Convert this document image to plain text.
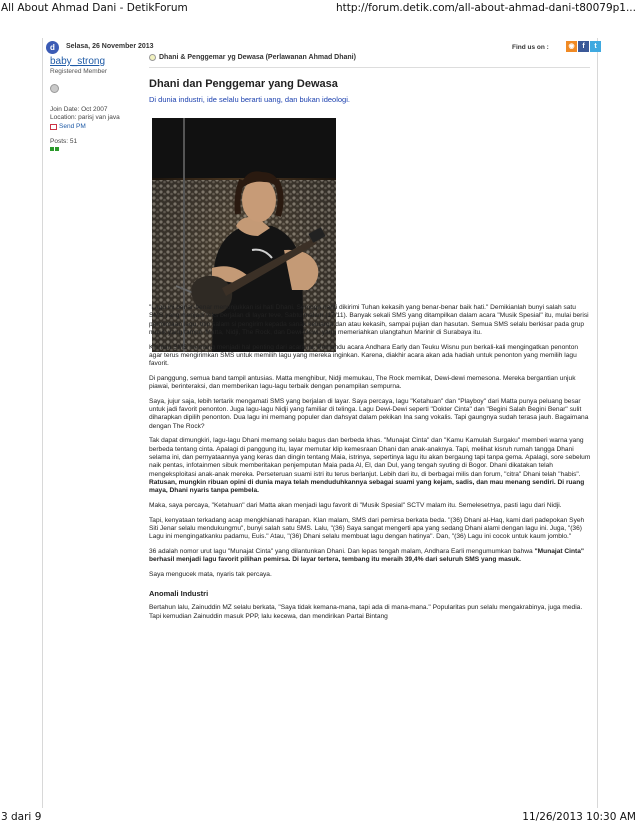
All About Ahmad Dani - DetikForum	http://forum.detik.com/all-about-ahmad-dani-t80079p1...
d	Selasa, 26 November 2013	Find us on :	◉	f	t
baby_strong
Registered Member
Join Date: Oct 2007
Location: parisj van java
Send PM
Posts: 51
Dhani & Penggemar yg Dewasa (Perlawanan Ahmad Dhani)
Dhani dan Penggemar yang Dewasa
Di dunia industri, ide selalu berarti uang, dan bukan ideologi.

"Lagu ini benar-benar menunjukkan isi hati Dhani. Semoga nanti dikirimi Tuhan kekasih yang benar-benar baik hati." Demikianlah bunyi salah satu SMS yang menjadi teks berjalan di layar teve, Sabtu malam (17/11). Banyak sekali SMS yang ditampilkan dalam acara "Musik Spesial" itu, mulai berisi permintaan lagu, titip salam si pengirim kepada sanak keluarga dan atau kekasih, sampai pujian dan hasutan. Semua SMS selalu berkisar pada grup musik yang tampil, Matta, Nidji, The Rock, dan Dewi-Dewi, yang memeriahkan ulangtahun Marinir di Surabaya itu.

Kiriman SMS memang menjadi hal penting dari acara ini. Pemandu acara Andhara Early dan Teuku Wisnu pun berkali-kali mengingatkan penonton agar terus mengirimkan SMS untuk memilih lagu yang mereka inginkan. Karena, diakhir acara akan ada hadiah untuk penonton yang memilih lagu favorit.

Di panggung, semua band tampil antusias. Matta menghibur, Nidji memukau, The Rock memikat, Dewi-dewi memesona. Mereka bergantian unjuk piawai, berinteraksi, dan memberikan lagu-lagu terbaik dengan penampilan sempurna.

Saya, jujur saja, lebih tertarik mengamati SMS yang berjalan di layar. Saya percaya, lagu "Ketahuan" dan "Playboy" dari Matta punya peluang besar untuk jadi favorit penonton. Juga lagu-lagu Nidji yang familiar di telinga. Lagu Dewi-Dewi seperti "Dokter Cinta" dan "Begini Salah Begini Benar" sulit diharapkan dipilih penonton. Dua lagu ini memang populer dan dahsyat dalam pekikan Ina sang vokalis. Tapi gaungnya sudah terasa jauh. Bagaimana dengan The Rock?

Tak dapat dimungkiri, lagu-lagu Dhani memang selalu bagus dan berbeda khas. "Munajat Cinta" dan "Kamu Kamulah Surgaku" memberi warna yang berbeda tentang cinta. Apalagi di panggung itu, layar memutar klip kemesraan Dhani dan anak-anaknya. Tapi, melihat kisruh rumah tangga Dhani selama ini, dan pernyataannya yang keras dan dingin tentang Maia, istrinya, sepertinya lagu itu akan bergaung tapi tanpa gema. Apalagi, sore sebelum naik pentas, infotainmen sibuk memberitakan penjemputan Maia pada Al, El, dan Dul, yang tengah syuting di Bogor. Dhani dikatakan telah mengeksploitasi anak-anak mereka. Perseteruan suami istri itu terus berlanjut. Lebih dari itu, di berbagai milis dan forum, "citra" Dhani telah "habis". Ratusan, mungkin ribuan opini di dunia maya telah menduduhkannya sebagai suami yang kejam, sadis, dan mau menang sendiri. Di ruang maya, Dhani nyaris tanpa pembela.

Maka, saya percaya, "Ketahuan" dari Matta akan menjadi lagu favorit di "Musik Spesial" SCTV malam itu. Semelesetnya, pasti lagu dari Nidji.

Tapi, kenyataan terkadang acap mengkhianati harapan. Klan malam, SMS dari pemirsa berkata beda. "(36) Dhani al-Haq, kami dari padepokan Syeh Siti Jenar selalu mendukungmu", bunyi salah satu SMS. Lalu, "(36) Saya sangat mengerti apa yang sedang Dhani alami dengan lagu ini. Juga, "(36) Lagu ini mengingatkanku padamu, Euis." Atau, "(36) Dhani selalu membuat lagu dengan hatinya". Dan, "(36) Lagu ini cocok untuk kaum jomblo."

36 adalah nomor urut lagu "Munajat Cinta" yang dilantunkan Dhani. Dan lepas tengah malam, Andhara Earli mengumumkan bahwa "Munajat Cinta" berhasil menjadi lagu favorit pilihan pemirsa. Di layar tertera, tembang itu meraih 39,4% dari seluruh SMS yang masuk.

Saya mengucek mata, nyaris tak percaya.

Anomali Industri

Bertahun lalu, Zainuddin MZ selalu berkata, "Saya tidak kemana-mana, tapi ada di mana-mana." Popularitas pun selalu mengakrabinya, juga media. Tapi kemudian Zainuddin masuk PPP, lalu kecewa, dan mendirikan Partai Bintang

3 dari 9	11/26/2013 10:30 AM
